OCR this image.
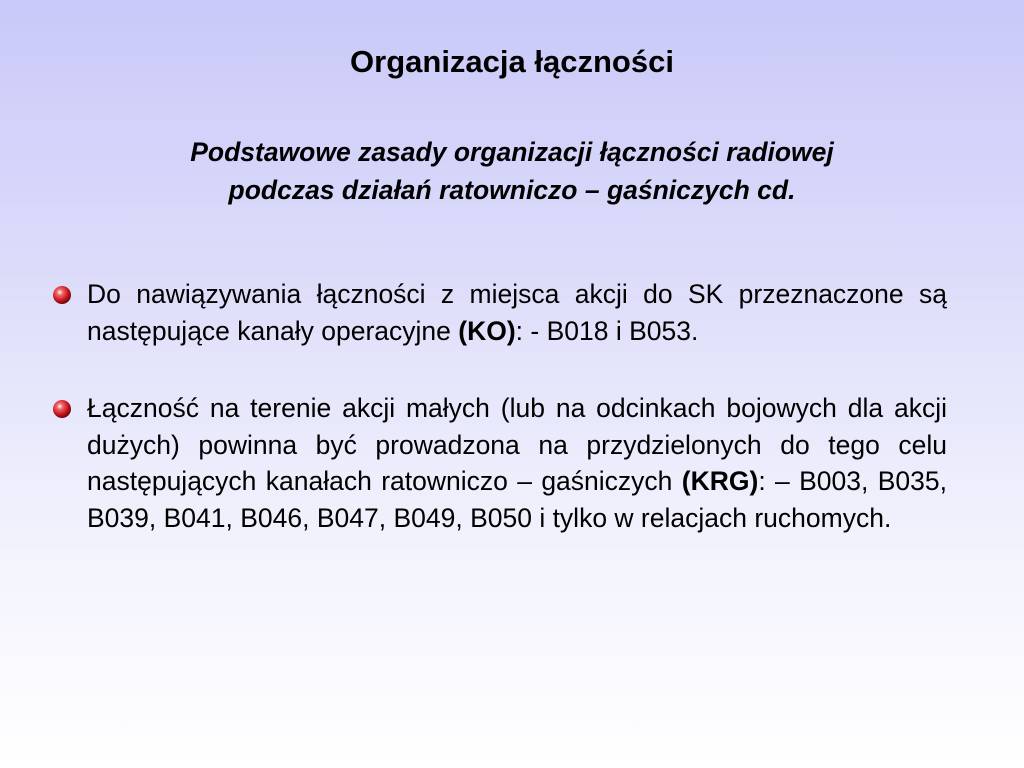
Organizacja łączności

Podstawowe zasady organizacji łączności radiowej
podczas działań ratowniczo – gaśniczych cd.

Do nawiązywania łączności z miejsca akcji do SK przeznaczone są następujące kanały operacyjne (KO): - B018 i B053.
Łączność na terenie akcji małych (lub na odcinkach bojowych dla akcji dużych) powinna być prowadzona na przydzielonych do tego celu następujących kanałach ratowniczo – gaśniczych (KRG): – B003, B035, B039, B041, B046, B047, B049, B050 i tylko w relacjach ruchomych.
